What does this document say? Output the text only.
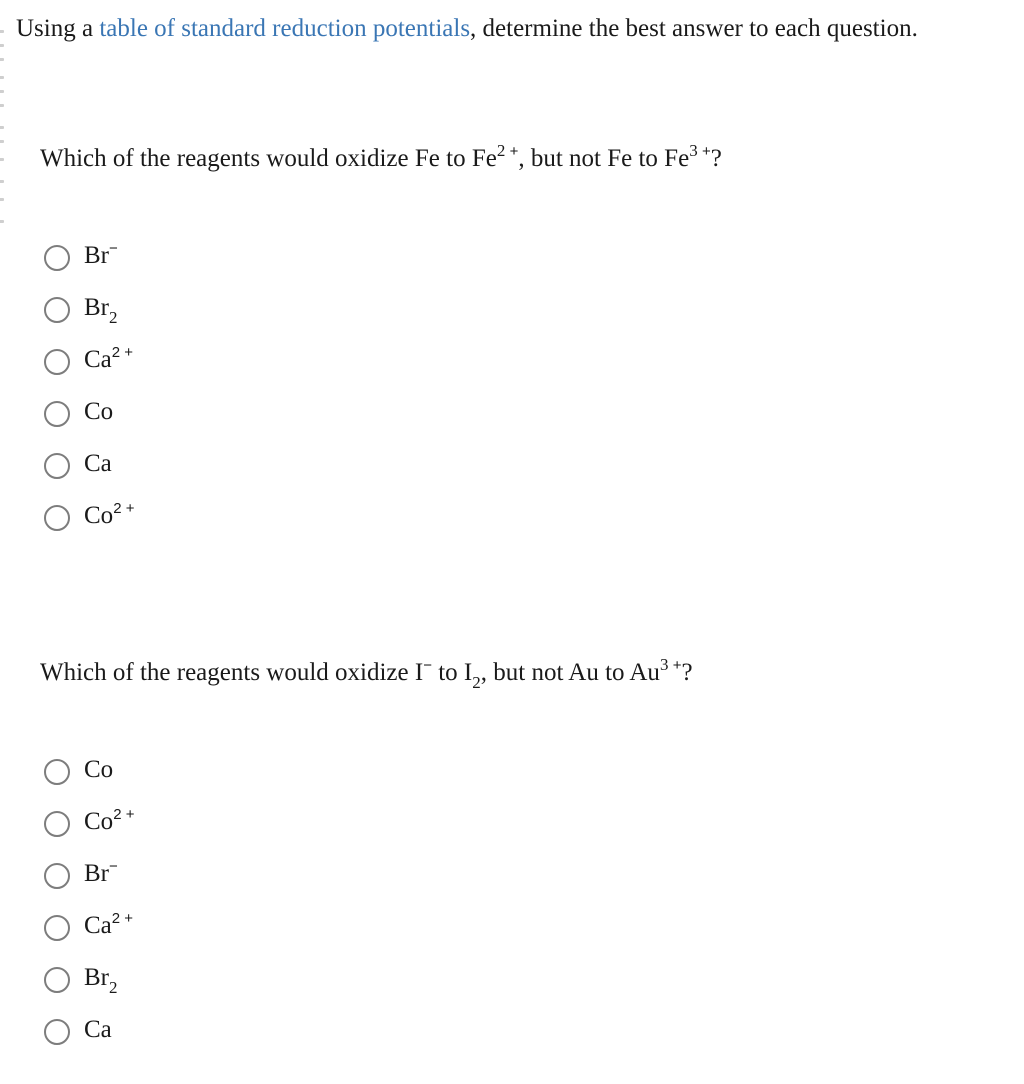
Using a table of standard reduction potentials, determine the best answer to each question.
Which of the reagents would oxidize Fe to $Fe^{2 +}$, but not Fe to $Fe^{3 +}$?
Br−
$Br_2$
$Ca^{2 +}$
Co
Ca
$Co^{2 +}$
Which of the reagents would oxidize I− to $I_2$, but not Au to $Au^{3 +}$?
Co
$Co^{2 +}$
Br−
$Ca^{2 +}$
$Br_2$
Ca
